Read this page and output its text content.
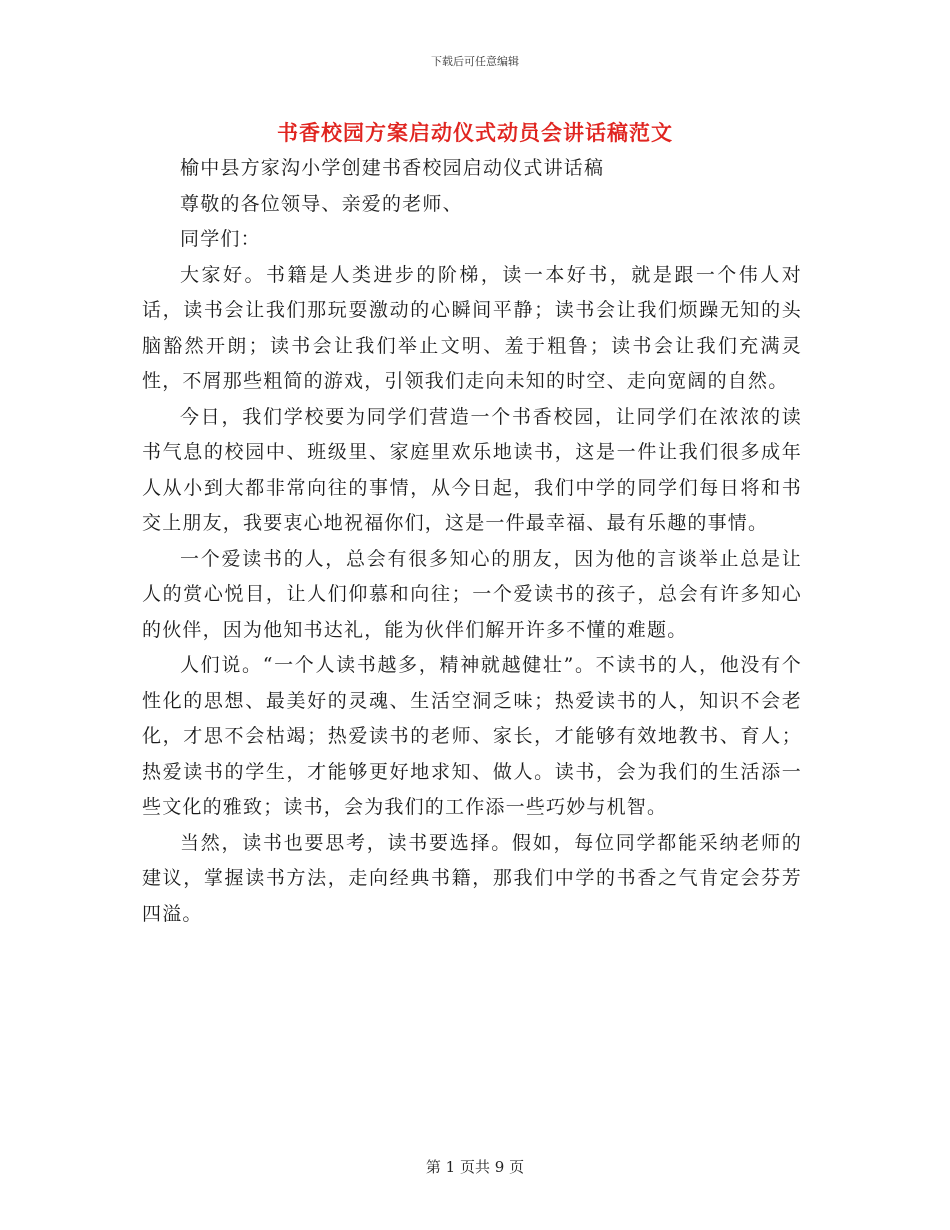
下载后可任意编辑
书香校园方案启动仪式动员会讲话稿范文

榆中县方家沟小学创建书香校园启动仪式讲话稿

尊敬的各位领导、亲爱的老师、

同学们：

大家好。书籍是人类进步的阶梯，读一本好书，就是跟一个伟人对话，读书会让我们那玩耍激动的心瞬间平静；读书会让我们烦躁无知的头脑豁然开朗；读书会让我们举止文明、羞于粗鲁；读书会让我们充满灵性，不屑那些粗简的游戏，引领我们走向未知的时空、走向宽阔的自然。

今日，我们学校要为同学们营造一个书香校园，让同学们在浓浓的读书气息的校园中、班级里、家庭里欢乐地读书，这是一件让我们很多成年人从小到大都非常向往的事情，从今日起，我们中学的同学们每日将和书交上朋友，我要衷心地祝福你们，这是一件最幸福、最有乐趣的事情。

一个爱读书的人，总会有很多知心的朋友，因为他的言谈举止总是让人的赏心悦目，让人们仰慕和向往；一个爱读书的孩子，总会有许多知心的伙伴，因为他知书达礼，能为伙伴们解开许多不懂的难题。

人们说。“一个人读书越多，精神就越健壮”。不读书的人，他没有个性化的思想、最美好的灵魂、生活空洞乏味；热爱读书的人，知识不会老化，才思不会枯竭；热爱读书的老师、家长，才能够有效地教书、育人；热爱读书的学生，才能够更好地求知、做人。读书，会为我们的生活添一些文化的雅致；读书，会为我们的工作添一些巧妙与机智。

当然，读书也要思考，读书要选择。假如，每位同学都能采纳老师的建议，掌握读书方法，走向经典书籍，那我们中学的书香之气肯定会芬芳四溢。

第 1 页共 9 页
